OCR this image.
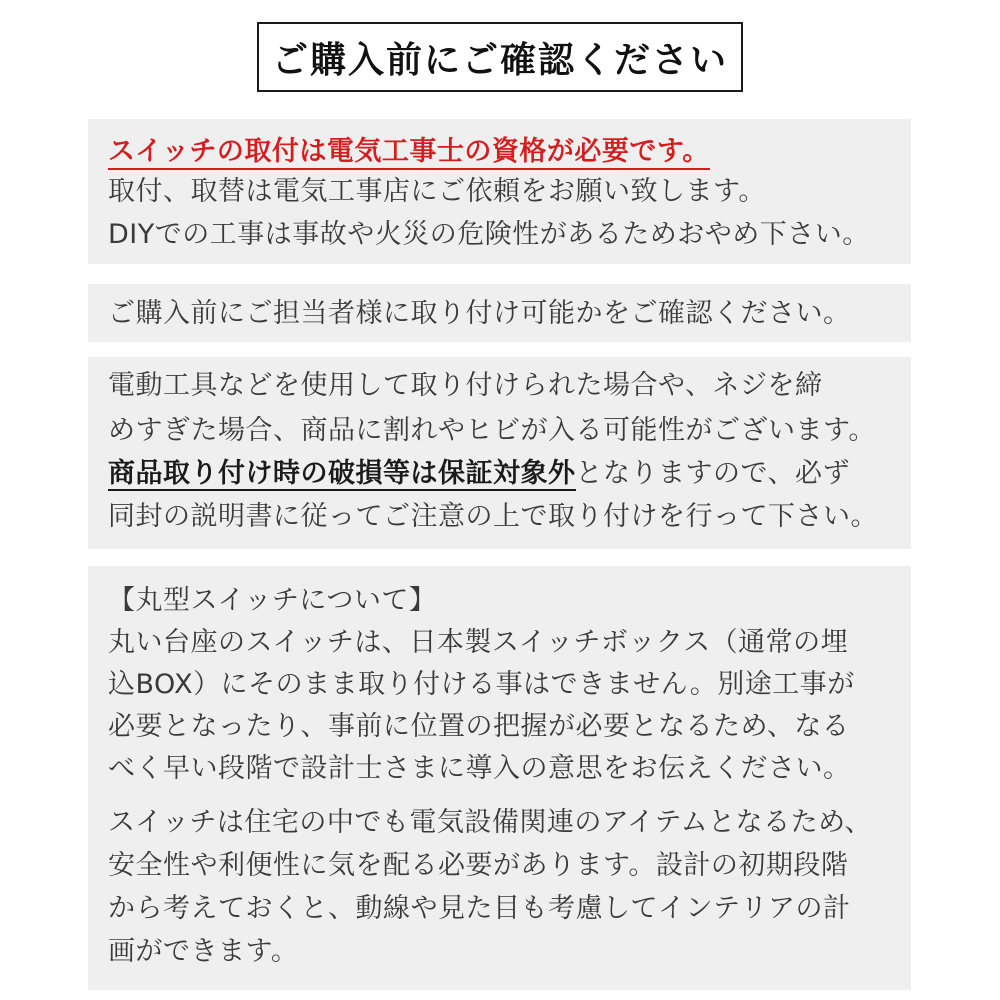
ご購入前にご確認ください
スイッチの取付は電気工事士の資格が必要です。
取付、取替は電気工事店にご依頼をお願い致します。
DIYでの工事は事故や火災の危険性があるためおやめ下さい。
ご購入前にご担当者様に取り付け可能かをご確認ください。
電動工具などを使用して取り付けられた場合や、ネジを締
めすぎた場合、商品に割れやヒビが入る可能性がございます。
商品取り付け時の破損等は保証対象外となりますので、必ず
同封の説明書に従ってご注意の上で取り付けを行って下さい。
【丸型スイッチについて】
丸い台座のスイッチは、日本製スイッチボックス（通常の埋
込BOX）にそのまま取り付ける事はできません。別途工事が
必要となったり、事前に位置の把握が必要となるため、なる
べく早い段階で設計士さまに導入の意思をお伝えください。
スイッチは住宅の中でも電気設備関連のアイテムとなるため、
安全性や利便性に気を配る必要があります。設計の初期段階
から考えておくと、動線や見た目も考慮してインテリアの計
画ができます。
